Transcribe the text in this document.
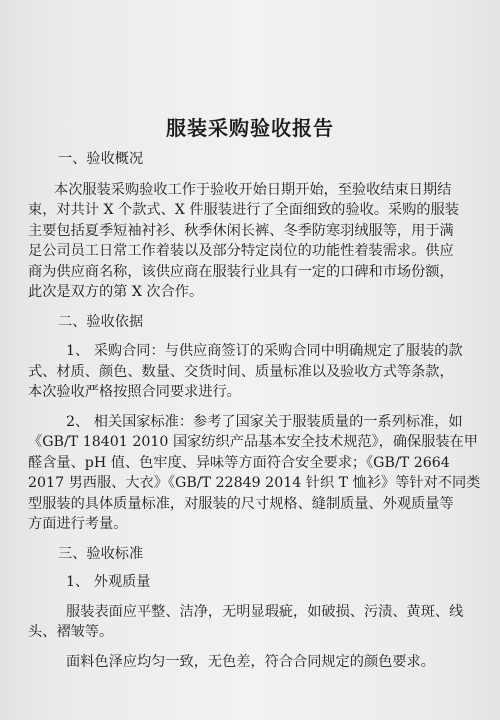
服装采购验收报告
一、验收概况
本次服装采购验收工作于验收开始日期开始，至验收结束日期结
束，对共计 X 个款式、X 件服装进行了全面细致的验收。采购的服装
主要包括夏季短袖衬衫、秋季休闲长裤、冬季防寒羽绒服等，用于满
足公司员工日常工作着装以及部分特定岗位的功能性着装需求。供应
商为供应商名称，该供应商在服装行业具有一定的口碑和市场份额，
此次是双方的第 X 次合作。
二、验收依据
1、 采购合同：与供应商签订的采购合同中明确规定了服装的款
式、材质、颜色、数量、交货时间、质量标准以及验收方式等条款，
本次验收严格按照合同要求进行。
2、 相关国家标准：参考了国家关于服装质量的一系列标准，如
《GB/T 18401 2010 国家纺织产品基本安全技术规范》，确保服装在甲
醛含量、pH 值、色牢度、异味等方面符合安全要求；《GB/T 2664
2017 男西服、大衣》《GB/T 22849 2014 针织 T 恤衫》等针对不同类
型服装的具体质量标准，对服装的尺寸规格、缝制质量、外观质量等
方面进行考量。
三、验收标准
1、 外观质量
服装表面应平整、洁净，无明显瑕疵，如破损、污渍、黄斑、线
头、褶皱等。
面料色泽应均匀一致，无色差，符合合同规定的颜色要求。
